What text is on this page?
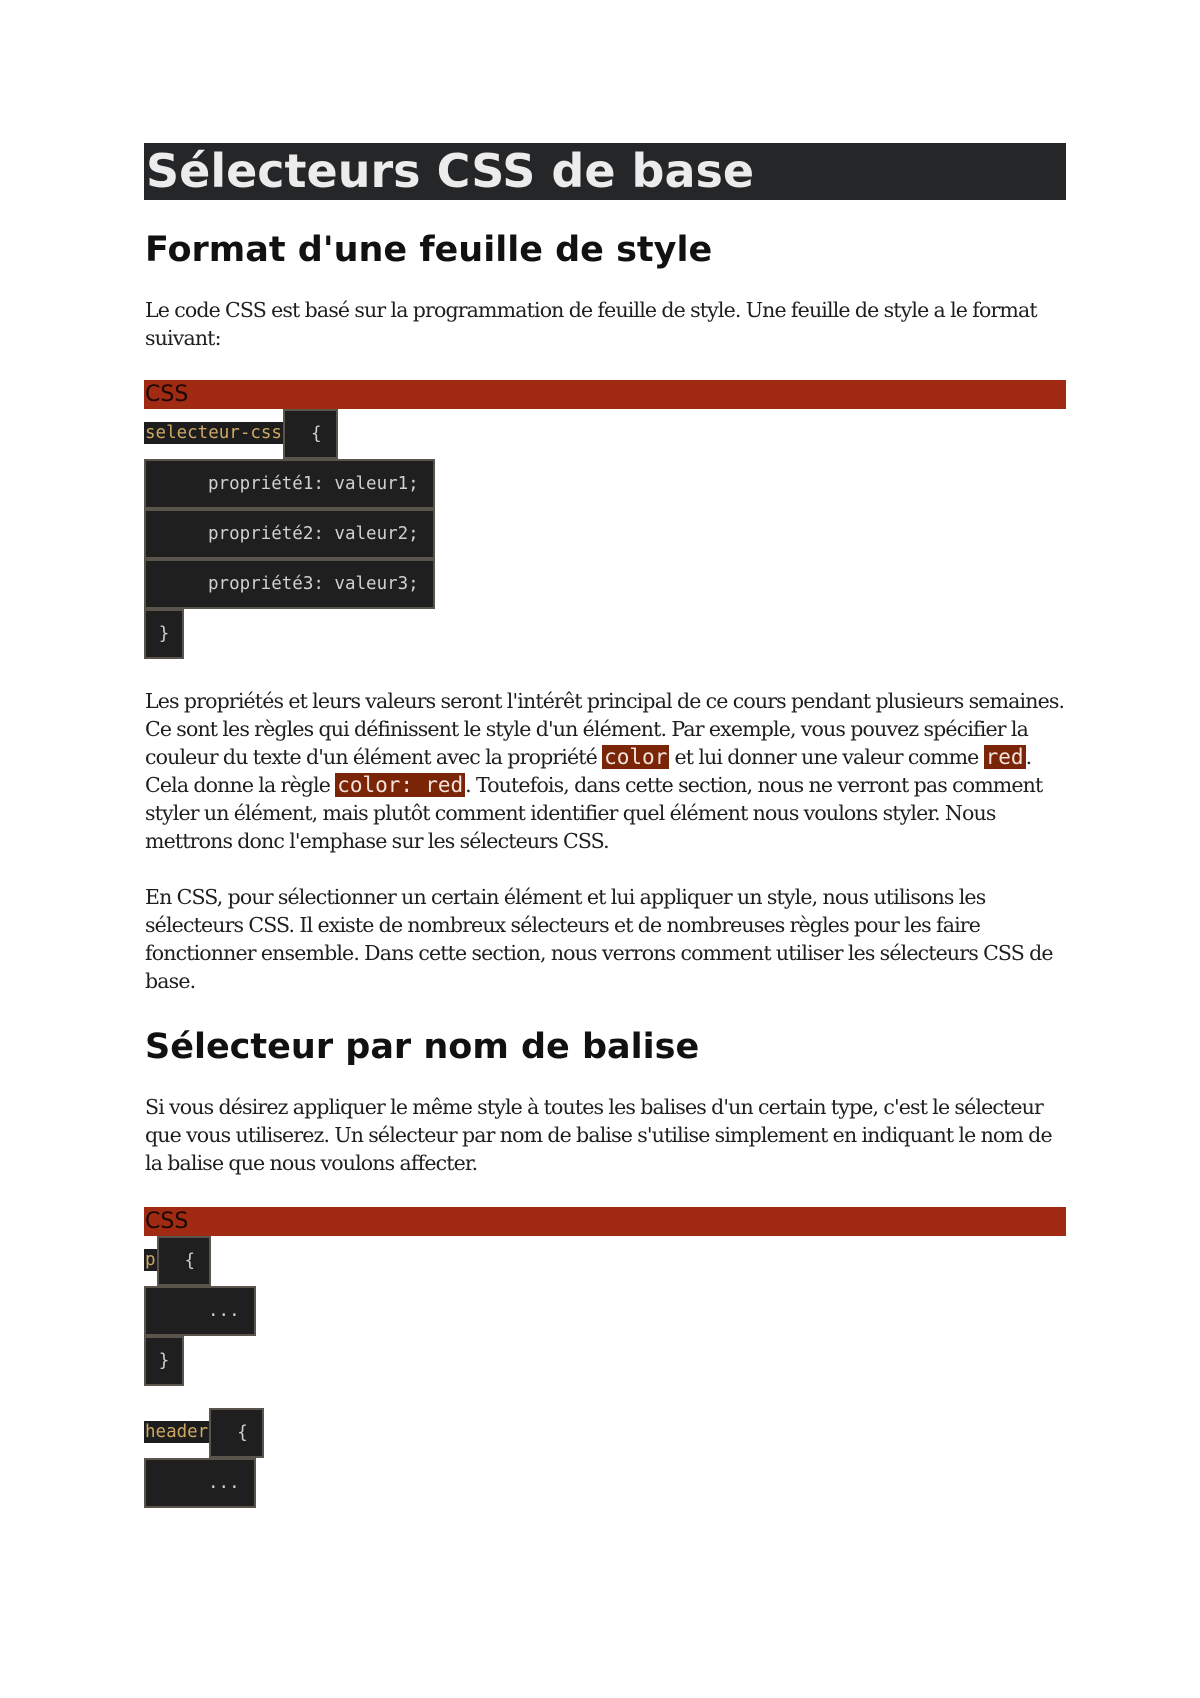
Sélecteurs CSS de base
Format d'une feuille de style

Le code CSS est basé sur la programmation de feuille de style. Une feuille de style a le format suivant:

CSS
selecteur-css	{
propriété1: valeur1;
propriété2: valeur2;
propriété3: valeur3;
}

Les propriétés et leurs valeurs seront l'intérêt principal de ce cours pendant plusieurs semaines. Ce sont les règles qui définissent le style d'un élément. Par exemple, vous pouvez spécifier la couleur du texte d'un élément avec la propriété color et lui donner une valeur comme red. Cela donne la règle color: red. Toutefois, dans cette section, nous ne verront pas comment styler un élément, mais plutôt comment identifier quel élément nous voulons styler. Nous mettrons donc l'emphase sur les sélecteurs CSS.

En CSS, pour sélectionner un certain élément et lui appliquer un style, nous utilisons les sélecteurs CSS. Il existe de nombreux sélecteurs et de nombreuses règles pour les faire fonctionner ensemble. Dans cette section, nous verrons comment utiliser les sélecteurs CSS de base.

Sélecteur par nom de balise

Si vous désirez appliquer le même style à toutes les balises d'un certain type, c'est le sélecteur que vous utiliserez. Un sélecteur par nom de balise s'utilise simplement en indiquant le nom de la balise que nous voulons affecter.

CSS
p	{
...
}
header	{
...
